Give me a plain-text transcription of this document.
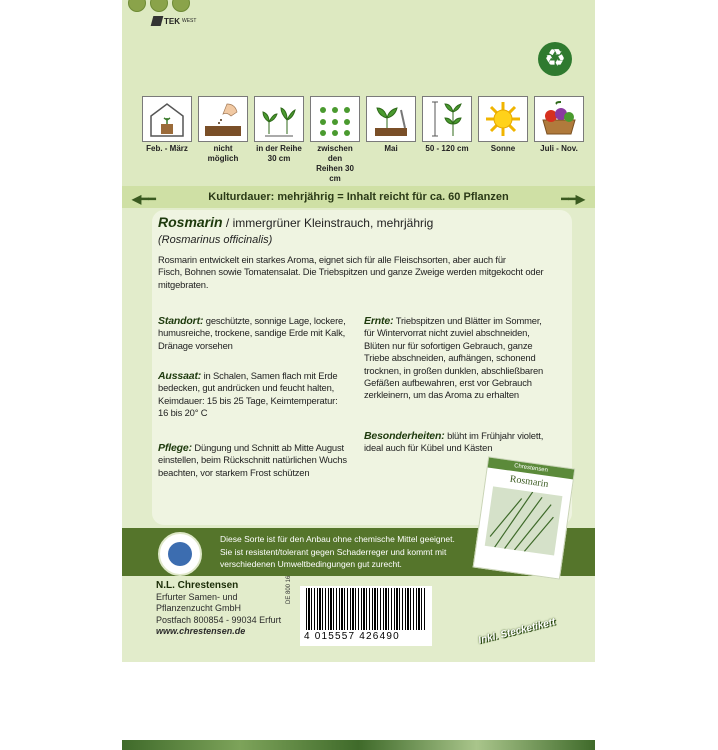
TEK WEST
♻
Feb. - März	nicht
möglich
in der Reihe
30 cm
zwischen den
Reihen 30 cm
Mai	50 - 120 cm	Sonne	Juli - Nov.
◀━━	Kulturdauer: mehrjährig = Inhalt reicht für ca. 60 Pflanzen	━━▶
Rosmarin / immergrüner Kleinstrauch, mehrjährig
(Rosmarinus officinalis)
Rosmarin entwickelt ein starkes Aroma, eignet sich für alle Fleischsorten, aber auch für
Fisch, Bohnen sowie Tomatensalat. Die Triebspitzen und ganze Zweige werden mitgekocht oder
mitgebraten.
Standort: geschützte, sonnige Lage, lockere,
humusreiche, trockene, sandige Erde mit Kalk,
Dränage vorsehen
Aussaat: in Schalen, Samen flach mit Erde
bedecken, gut andrücken und feucht halten,
Keimdauer: 15 bis 25 Tage, Keimtemperatur:
16 bis 20° C
Pflege: Düngung und Schnitt ab Mitte August
einstellen, beim Rückschnitt natürlichen Wuchs
beachten, vor starkem Frost schützen
Ernte: Triebspitzen und Blätter im Sommer,
für Wintervorrat nicht zuviel abschneiden,
Blüten nur für sofortigen Gebrauch, ganze
Triebe abschneiden, aufhängen, schonend
trocknen, in großen dunklen, abschließbaren
Gefäßen aufbewahren, erst vor Gebrauch
zerkleinern, um das Aroma zu erhalten
Besonderheiten: blüht im Frühjahr violett,
ideal auch für Kübel und Kästen
Diese Sorte ist für den Anbau ohne chemische Mittel geeignet.
Sie ist resistent/tolerant gegen Schaderreger und kommt mit
verschiedenen Umweltbedingungen gut zurecht.
Chrestensen
Rosmarin
N.L. Chrestensen
Erfurter Samen- und
Pflanzenzucht GmbH
Postfach 800854 - 99034 Erfurt
www.chrestensen.de
DE 800 16
4 015557 426490	Inkl. Stecketikett
